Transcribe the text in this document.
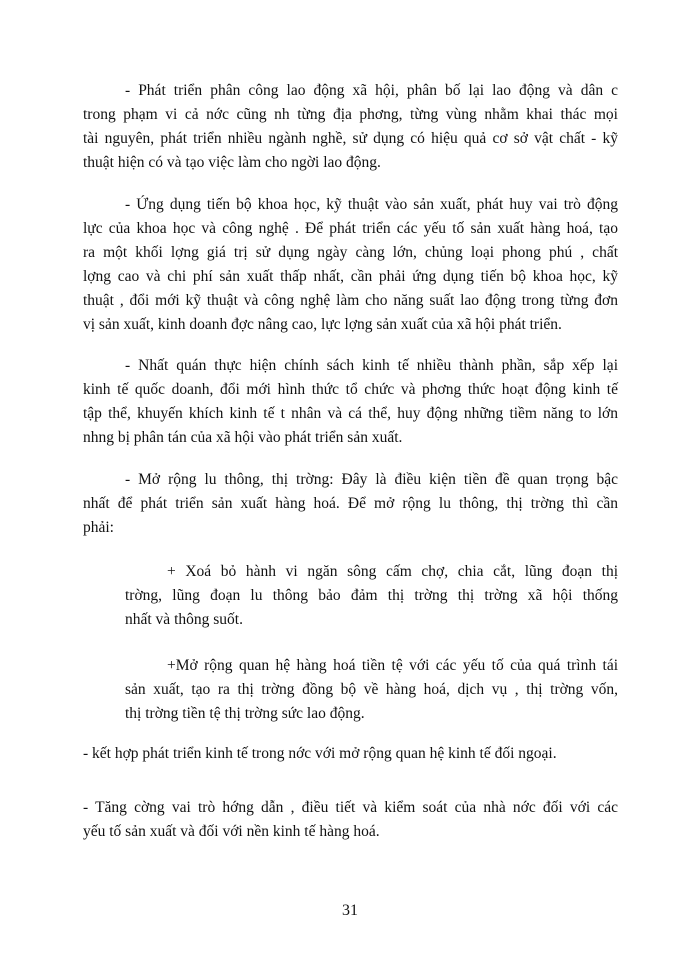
- Phát triển phân công lao động xã hội, phân bố lại lao động và dân c
trong phạm vi cả nớc cũng nh từng địa phơng, từng vùng nhằm khai thác mọi
tài nguyên, phát triển nhiều ngành nghề, sử dụng có hiệu quả cơ sở vật chất - kỹ
thuật hiện có và tạo việc làm cho ngời lao động.
- Ứng dụng tiến bộ khoa học, kỹ thuật vào sản xuất, phát huy vai trò động
lực của khoa học và công nghệ . Để phát triển các yếu tố sản xuất hàng hoá, tạo
ra một khối lợng giá trị sử dụng ngày càng lớn, chủng loại phong phú , chất
lợng cao và chi phí sản xuất thấp nhất, cần phải ứng dụng tiến bộ khoa học, kỹ
thuật , đổi mới kỹ thuật và công nghệ làm cho năng suất lao động trong từng đơn
vị sản xuất, kinh doanh đợc nâng cao, lực lợng sản xuất của xã hội phát triển.
- Nhất quán thực hiện chính sách kinh tế nhiều thành phần, sắp xếp lại
kinh tế quốc doanh, đổi mới hình thức tổ chức và phơng thức hoạt động kinh tế
tập thể, khuyến khích kinh tế t nhân và cá thể, huy động những tiềm năng to lớn
nhng bị phân tán của xã hội vào phát triển sản xuất.
- Mở rộng lu thông, thị trờng: Đây là điều kiện tiền đề quan trọng bậc
nhất để phát triển sản xuất hàng hoá. Để mở rộng lu thông, thị trờng thì cần
phải:
+ Xoá bỏ hành vi ngăn sông cấm chợ, chia cắt, lũng đoạn thị
trờng, lũng đoạn lu thông bảo đảm thị trờng thị trờng xã hội thống
nhất và thông suốt.
+Mở rộng quan hệ hàng hoá tiền tệ với các yếu tố của quá trình tái
sản xuất, tạo ra thị trờng đồng bộ về hàng hoá, dịch vụ , thị trờng vốn,
thị trờng tiền tệ thị trờng sức lao động.
- kết hợp phát triển kinh tế trong nớc với mở rộng quan hệ kinh tế đối ngoại.
- Tăng cờng vai trò hớng dẫn , điều tiết và kiểm soát của nhà nớc đối với các
yếu tố sản xuất và đối với nền kinh tế hàng hoá.
31
